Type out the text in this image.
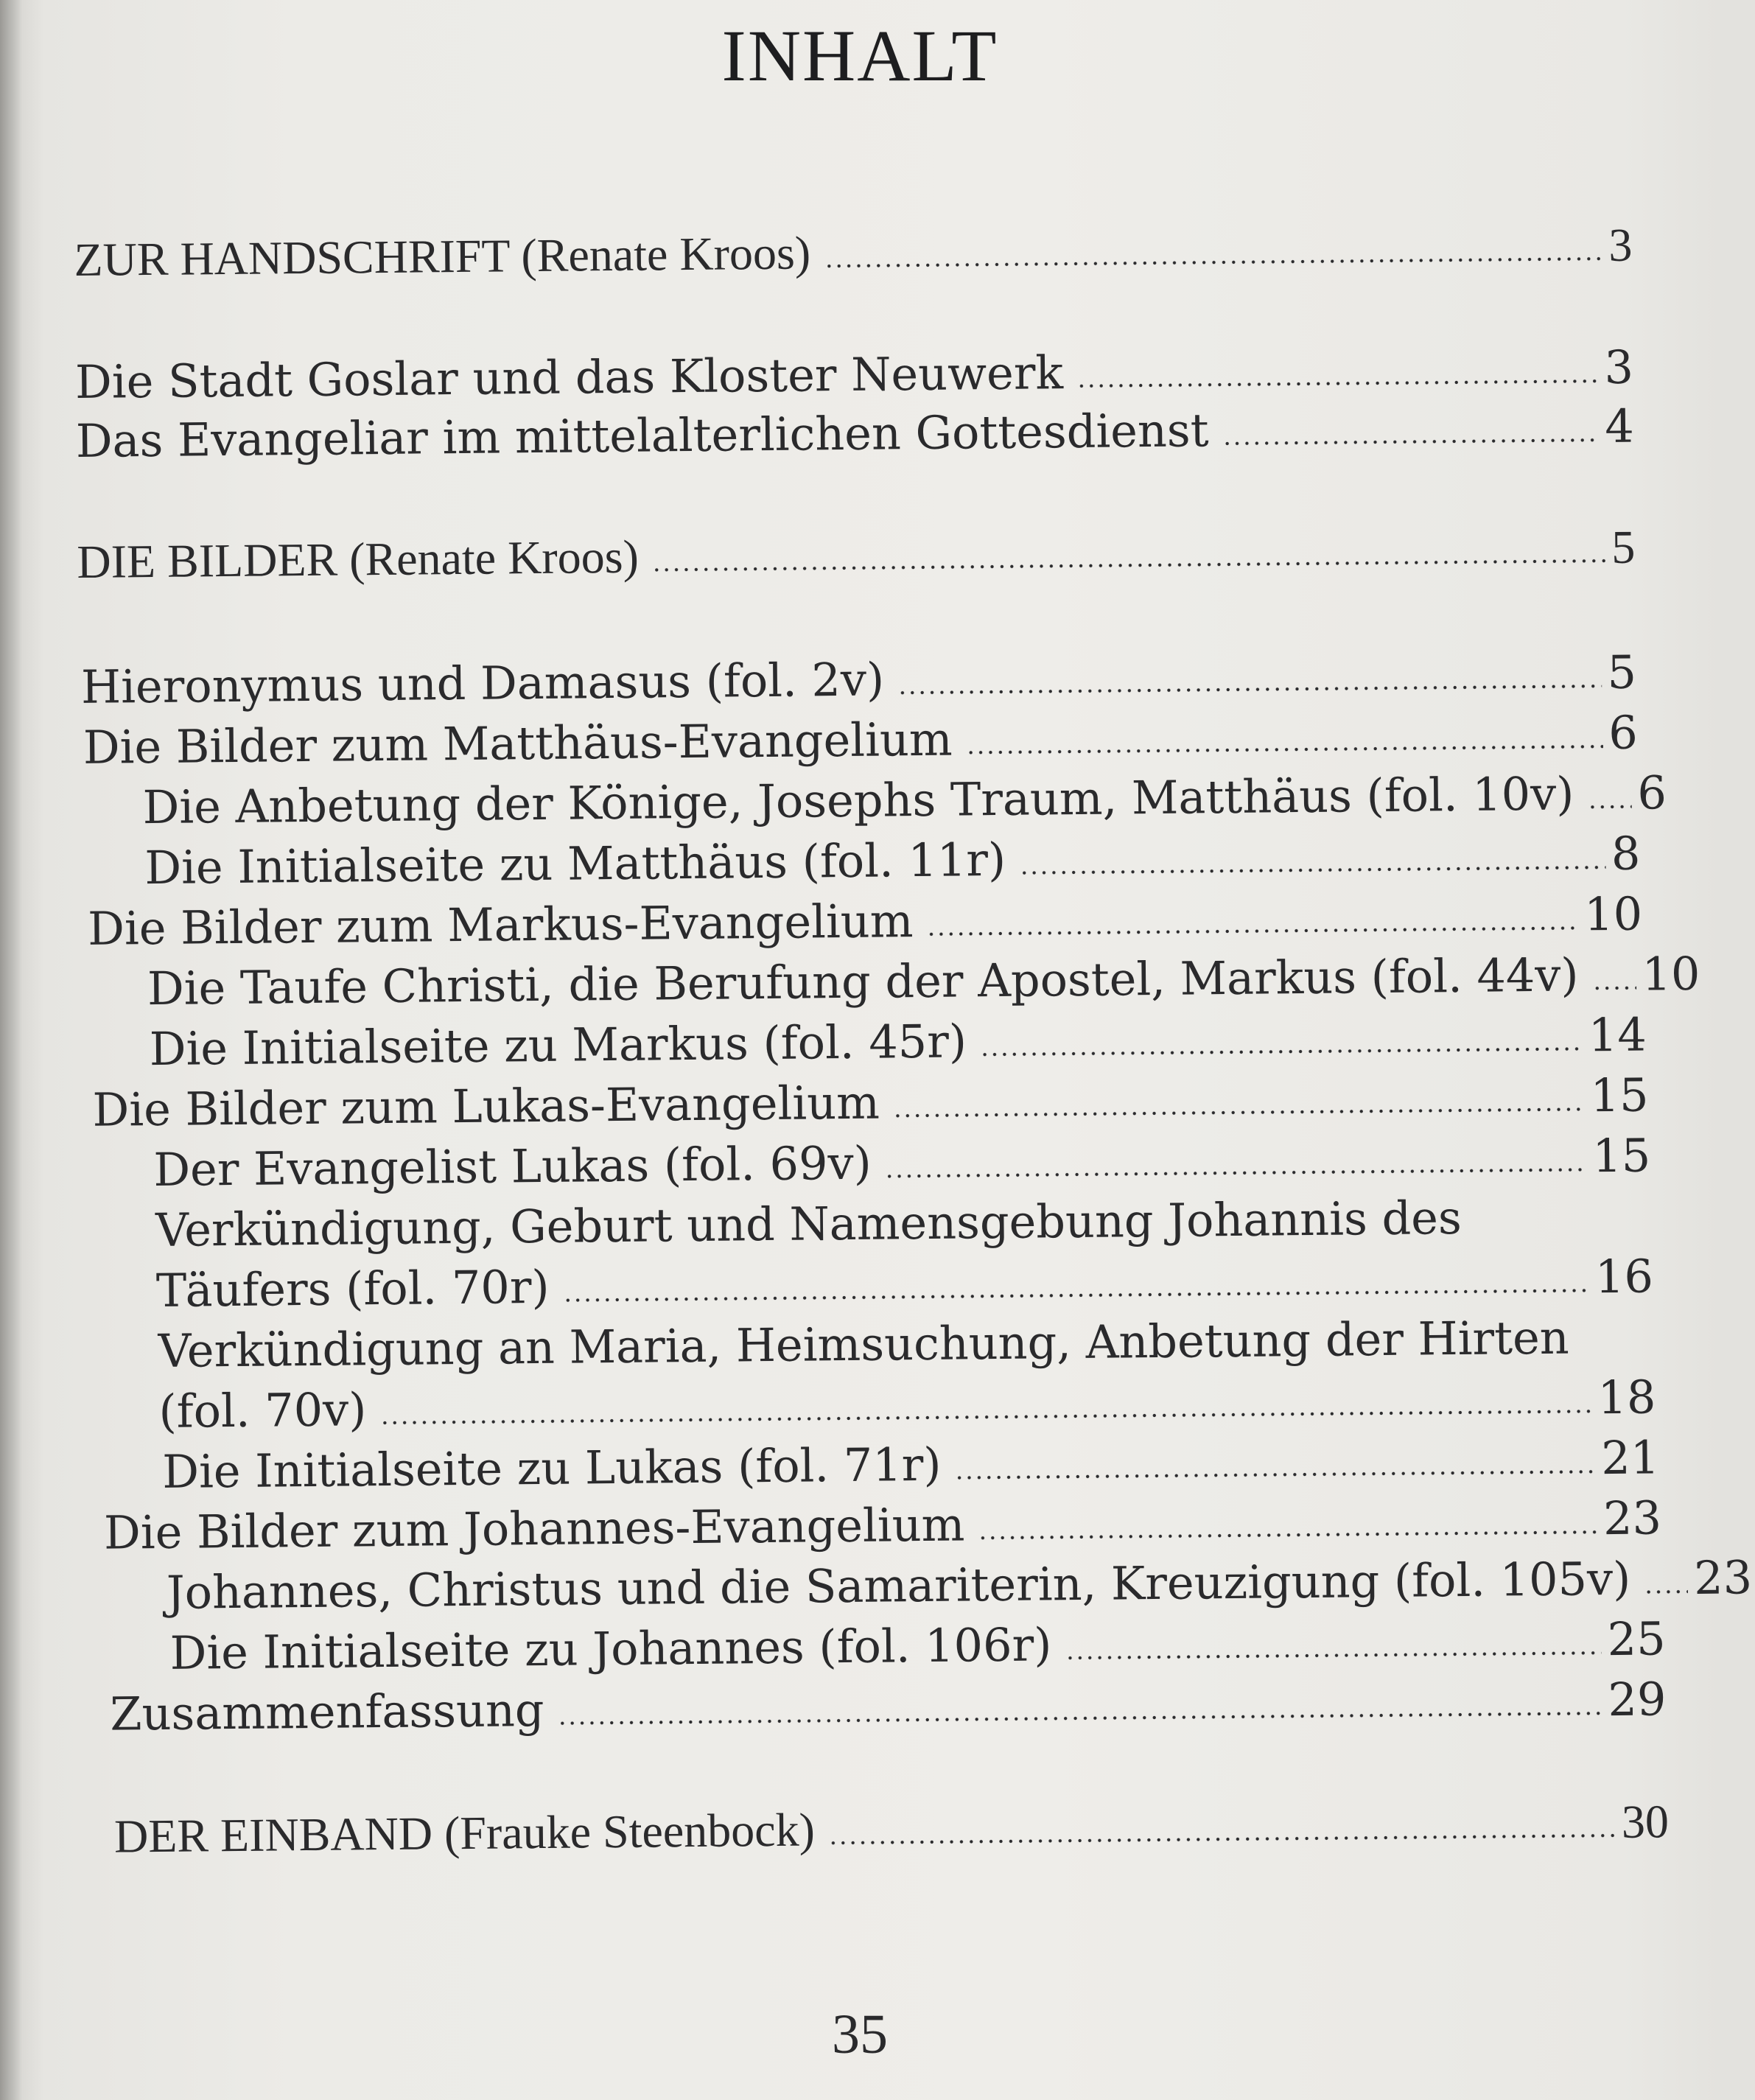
INHALT
ZUR HANDSCHRIFT (Renate Kroos)	3
Die Stadt Goslar und das Kloster Neuwerk	3
Das Evangeliar im mittelalterlichen Gottesdienst	4
DIE BILDER (Renate Kroos)	5
Hieronymus und Damasus (fol. 2v)	5
Die Bilder zum Matthäus-Evangelium	6
Die Anbetung der Könige, Josephs Traum, Matthäus (fol. 10v) 6
Die Initialseite zu Matthäus (fol. 11r)	8
Die Bilder zum Markus-Evangelium	10
Die Taufe Christi, die Berufung der Apostel, Markus (fol. 44v) 10
Die Initialseite zu Markus (fol. 45r)	14
Die Bilder zum Lukas-Evangelium	15
Der Evangelist Lukas (fol. 69v)	15
Verkündigung, Geburt und Namensgebung Johannis des
Täufers (fol. 70r)	16
Verkündigung an Maria, Heimsuchung, Anbetung der Hirten
(fol. 70v)	18
Die Initialseite zu Lukas (fol. 71r)	21
Die Bilder zum Johannes-Evangelium	23
Johannes, Christus und die Samariterin, Kreuzigung (fol. 105v) 23
Die Initialseite zu Johannes (fol. 106r)	25
Zusammenfassung	29
DER EINBAND (Frauke Steenbock)	30
35
